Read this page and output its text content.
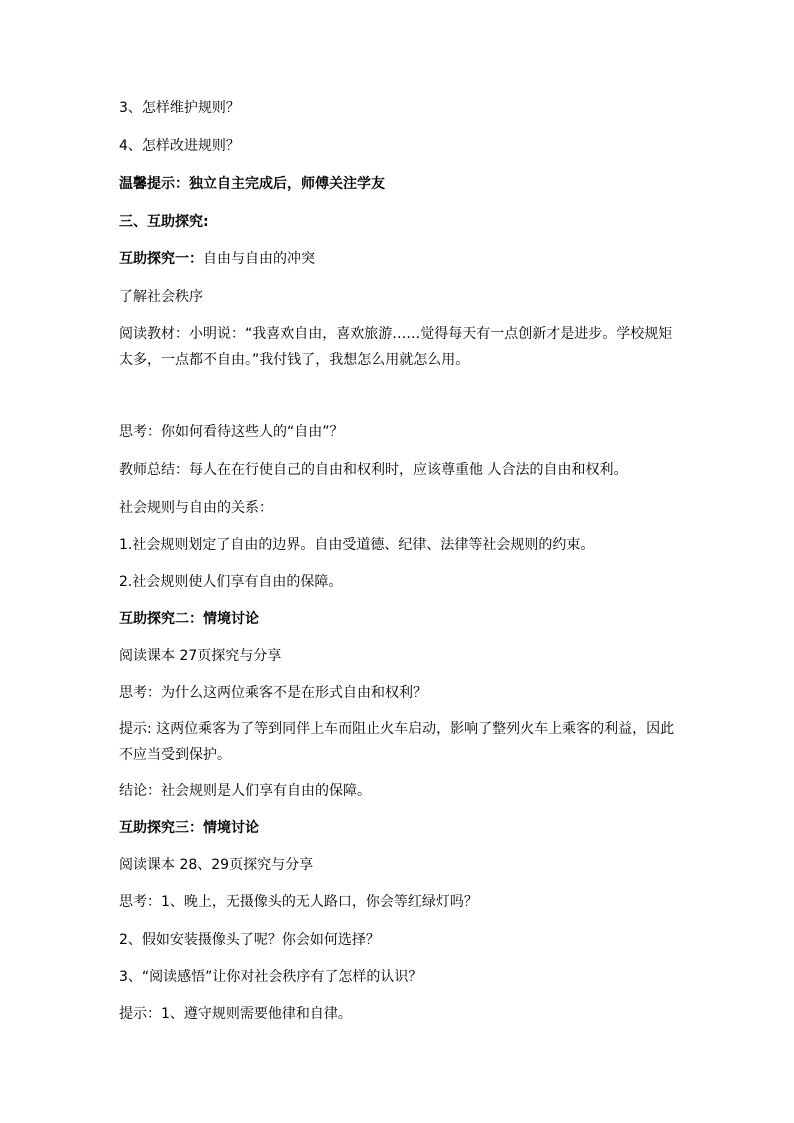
3、怎样维护规则？
4、怎样改进规则？
温馨提示：独立自主完成后，师傅关注学友
三、互助探究:
互助探究一：自由与自由的冲突
了解社会秩序
阅读教材：小明说：“我喜欢自由，喜欢旅游……觉得每天有一点创新才是进步。学校规矩太多，一点都不自由。”我付钱了，我想怎么用就怎么用。
思考：你如何看待这些人的“自由”？
教师总结：每人在在行使自己的自由和权利时，应该尊重他 人合法的自由和权利。
社会规则与自由的关系：
1.社会规则划定了自由的边界。自由受道德、纪律、法律等社会规则的约束。
2.社会规则使人们享有自由的保障。
互助探究二：情境讨论
阅读课本 27页探究与分享
思考：为什么这两位乘客不是在形式自由和权利？
提示: 这两位乘客为了等到同伴上车而阻止火车启动，影响了整列火车上乘客的利益，因此不应当受到保护。
结论：社会规则是人们享有自由的保障。
互助探究三：情境讨论
阅读课本 28、29页探究与分享
思考：1、晚上，无摄像头的无人路口，你会等红绿灯吗？
2、假如安装摄像头了呢？你会如何选择？
3、“阅读感悟”让你对社会秩序有了怎样的认识？
提示：1、遵守规则需要他律和自律。
